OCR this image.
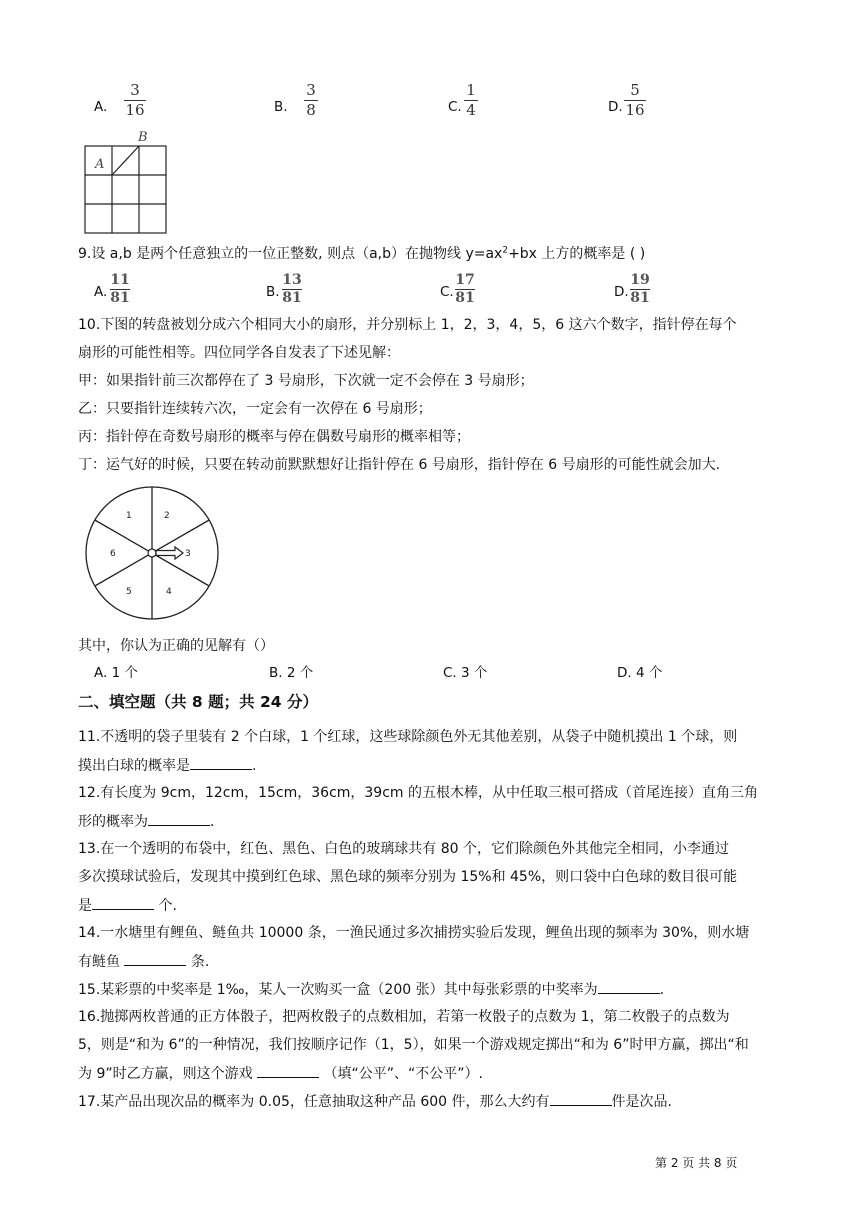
A.
3
16	B.
3
8	C.
1
4	D.
5
16
A
B
9.设 a,b 是两个任意独立的一位正整数, 则点（a,b）在抛物线 $y=ax^2+bx$ 上方的概率是 ( )
A.
11
81	B.
13
81	C.
17
81	D.
19
81
10.下图的转盘被划分成六个相同大小的扇形，并分别标上 1，2，3，4，5，6 这六个数字，指针停在每个
扇形的可能性相等。四位同学各自发表了下述见解：
甲：如果指针前三次都停在了 3 号扇形，下次就一定不会停在 3 号扇形；
乙：只要指针连续转六次，一定会有一次停在 6 号扇形；
丙：指针停在奇数号扇形的概率与停在偶数号扇形的概率相等；
丁：运气好的时候，只要在转动前默默想好让指针停在 6 号扇形，指针停在 6 号扇形的可能性就会加大.
1	2
3
4
5
6
其中，你认为正确的见解有（）
A. 1 个	B. 2 个	C. 3 个	D. 4 个
二、填空题（共 8 题；共 24 分）
11.不透明的袋子里装有 2 个白球，1 个红球，这些球除颜色外无其他差别，从袋子中随机摸出 1 个球，则
摸出白球的概率是	.
12.有长度为 9cm，12cm，15cm，36cm，39cm 的五根木棒，从中任取三根可搭成（首尾连接）直角三角
形的概率为	.
13.在一个透明的布袋中，红色、黑色、白色的玻璃球共有 80 个，它们除颜色外其他完全相同，小李通过
多次摸球试验后，发现其中摸到红色球、黑色球的频率分别为 15%和 45%，则口袋中白色球的数目很可能
是	个.
14.一水塘里有鲤鱼、鲢鱼共 10000 条，一渔民通过多次捕捞实验后发现，鲤鱼出现的频率为 30%，则水塘
有鲢鱼	条.
15.某彩票的中奖率是 1‰，某人一次购买一盒（200 张）其中每张彩票的中奖率为	.
16.抛掷两枚普通的正方体骰子，把两枚骰子的点数相加，若第一枚骰子的点数为 1，第二枚骰子的点数为
5，则是“和为 6”的一种情况，我们按顺序记作（1，5），如果一个游戏规定掷出“和为 6”时甲方赢，掷出“和
为 9”时乙方赢，则这个游戏	（填“公平”、“不公平”）.
17.某产品出现次品的概率为 0.05，任意抽取这种产品 600 件，那么大约有	件是次品.
第 2 页 共 8 页
